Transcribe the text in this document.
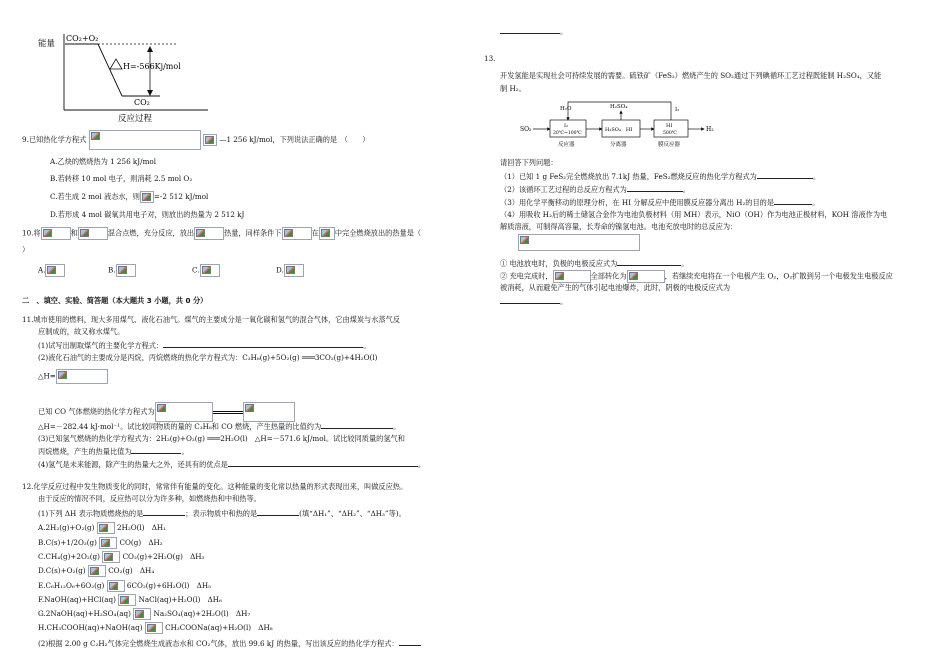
能量
CO₂+O₂
H=-566Kj/mol
CO₂
反应过程
9.已知热化学方程式
	—1 256 kJ/mol，下列说法正确的是　（　　）
A.乙炔的燃烧热为 1 256 kJ/mol
B.若转移 10 mol 电子，则消耗 2.5 mol O₂
C.若生成 2 mol 液态水，则 =-2 512 kJ/mol
D.若形成 4 mol 碳氧共用电子对，则放出的热量为 2 512 kJ
10.将	和	混合点燃，充分反应，放出	热量，同样条件下	在 中完全燃烧放出的热量是（
）
A.	B.	C.	D.
二　、填空、实验、简答题（本大题共 3 小题，共 0 分）
11.城市使用的燃料，现大多用煤气、液化石油气。煤气的主要成分是一氧化碳和氢气的混合气体，它由煤炭与水蒸气反
应制成的，故又称水煤气。
(1)试写出制取煤气的主要化学方程式：	。
(2)液化石油气的主要成分是丙烷，丙烷燃烧的热化学方程式为：C₃H₈(g)+5O₂(g) ═══3CO₂(g)+4H₂O(l)
△H=
已知 CO 气体燃烧的热化学方程式为
△H=－282.44 kJ·mol⁻¹。试比较同物质的量的 C₃H₈和 CO 燃烧，产生热量的比值约为	。
(3)已知氢气燃烧的热化学方程式为：2H₂(g)+O₂(g) ═══2H₂O(l)　△H=－571.6 kJ/mol。试比较同质量的氢气和
丙烷燃烧，产生的热量比值为	。
(4)氢气是未来能源，除产生的热量大之外，还具有的优点是	。
12.化学反应过程中发生物质变化的同时，常常伴有能量的变化。这种能量的变化常以热量的形式表现出来，叫做反应热。
由于反应的情况不同，反应热可以分为许多种，如燃烧热和中和热等。
(1)下列 ΔH 表示物质燃烧热的是	；表示物质中和热的是	(填“ΔH₁”、“ΔH₂”、“ΔH₃”等)。
A.2H₂(g)+O₂(g)	2H₂O(l)　ΔH₁
B.C(s)+1/2O₂(g)	CO(g)　ΔH₂
C.CH₄(g)+2O₂(g)	CO₂(g)+2H₂O(g)　ΔH₃
D.C(s)+O₂(g)	CO₂(g)　ΔH₄
E.C₆H₁₂O₆+6O₂(g)	6CO₂(g)+6H₂O(l)　ΔH₅
F.NaOH(aq)+HCl(aq)	NaCl(aq)+H₂O(l)　ΔH₆
G.2NaOH(aq)+H₂SO₄(aq)	Na₂SO₄(aq)+2H₂O(l)　ΔH₇
H.CH₃COOH(aq)+NaOH(aq)	CH₃COONa(aq)+H₂O(l)　ΔH₈
(2)根据 2.00 g C₂H₂气体完全燃烧生成液态水和 CO₂气体，放出 99.6 kJ 的热量，写出该反应的热化学方程式：
。
13.
开发氢能是实现社会可持续发展的需要。硫铁矿（FeS₂）燃烧产生的 SO₂通过下列碘循环工艺过程既能制 H₂SO₄，又能
制 H₂。
SO₂	I₂
20℃~100℃
H₂O
H₂SO₄　HI
H₂SO₄
HI
500℃
I₂
H₂
反应器	分离器	膜反应器
请回答下列问题：
（1）已知 1 g FeS₂完全燃烧放出 7.1kJ 热量，FeS₂燃烧反应的热化学方程式为	。
（2）该循环工艺过程的总反应方程式为	。
（3）用化学平衡移动的原理分析，在 HI 分解反应中使用膜反应器分离出 H₂的目的是	。
（4）用吸收 H₂后的稀土储氢合金作为电池负极材料（用 MH）表示，NiO（OH）作为电池正极材料，KOH 溶液作为电
解质溶液，可制得高容量，长寿命的镍氢电池。电池充放电时的总反应为：
① 电池放电时，负极的电极反应式为	。
② 充电完成时，	全部转化为	，若继续充电将在一个电极产生 O₂，O₂扩散到另一个电极发生电极反应
被消耗，从而避免产生的气体引起电池爆炸，此时，阴极的电极反应式为
。
